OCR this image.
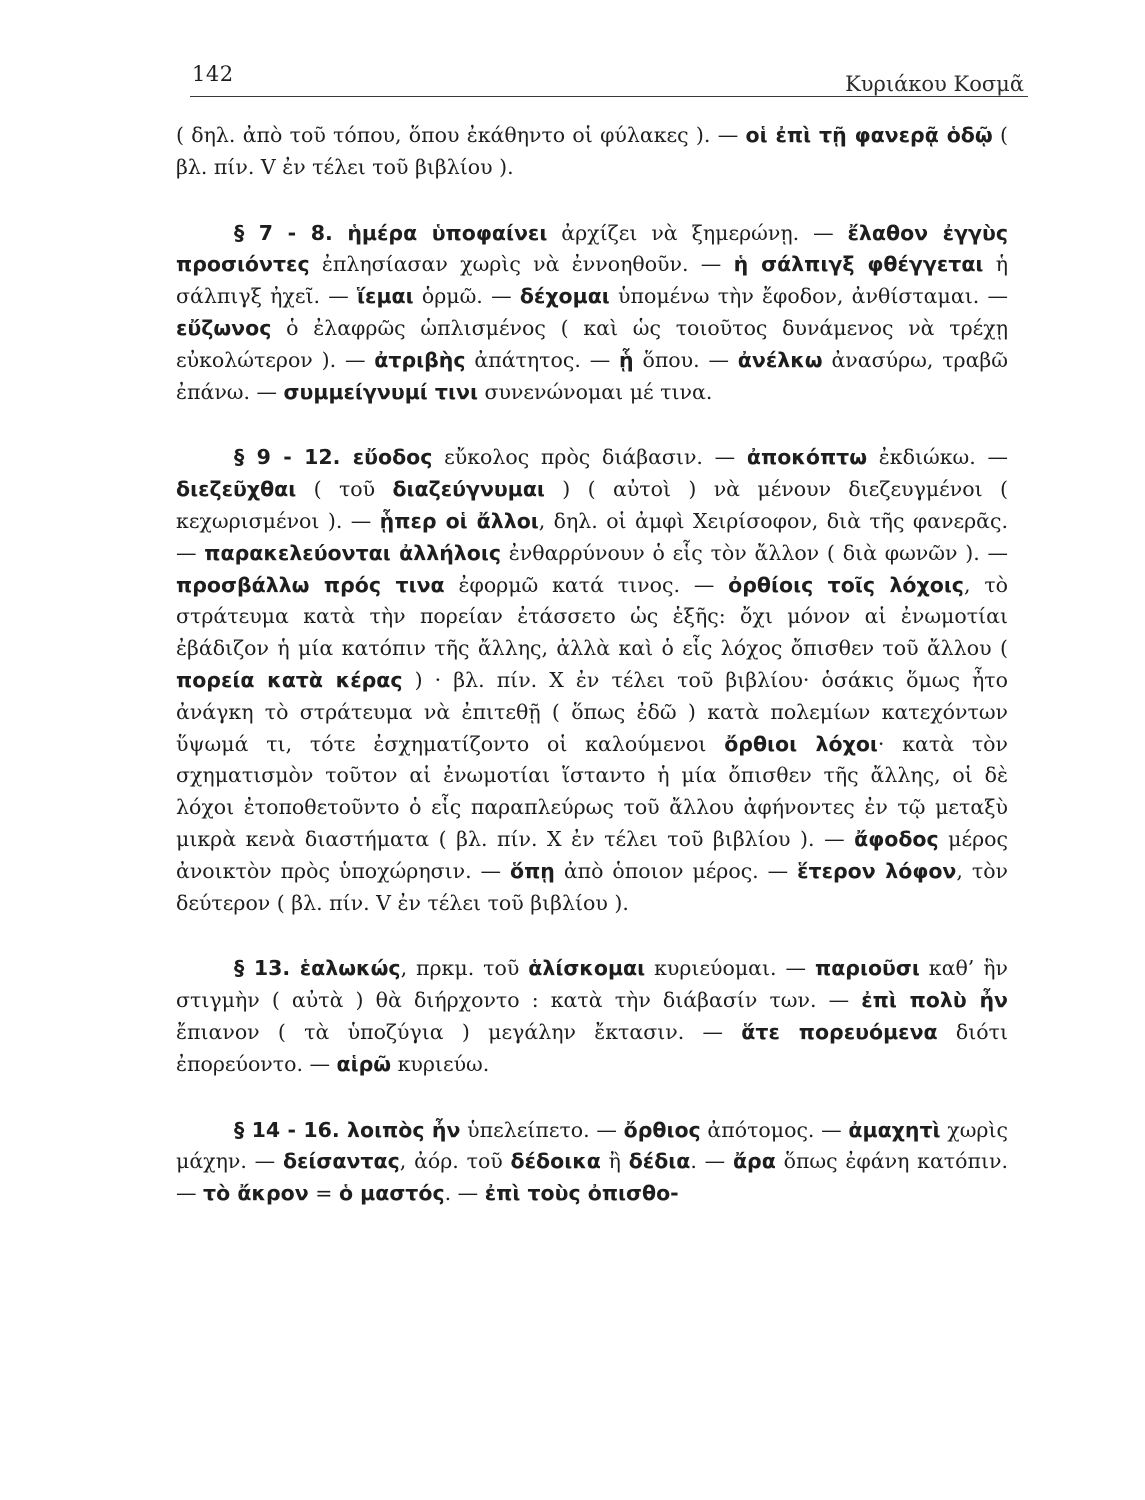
142	Κυριάκου Κοσμᾶ

( δηλ. ἀπὸ τοῦ τόπου, ὅπου ἐκάθηντο οἱ φύλακες ). — οἱ ἐπὶ τῇ φανερᾷ ὁδῷ ( βλ. πίν. V ἐν τέλει τοῦ βιβλίου ).

§ 7 - 8. ἡμέρα ὑποφαίνει ἀρχίζει νὰ ξημερώνῃ. — ἔλαθον ἐγγὺς προσιόντες ἐπλησίασαν χωρὶς νὰ ἐννοηθοῦν. — ἡ σάλπιγξ φθέγγεται ἡ σάλπιγξ ἠχεῖ. — ἵεμαι ὁρμῶ. — δέχομαι ὑπομένω τὴν ἔφοδον, ἀνθίσταμαι. — εὔζωνος ὁ ἐλαφρῶς ὡπλισμένος ( καὶ ὡς τοιοῦτος δυνάμενος νὰ τρέχῃ εὐκολώτερον ). — ἀτριβὴς ἀπάτητος. — ᾗ ὅπου. — ἀνέλκω ἀνασύρω, τραβῶ ἐπάνω. — συμμείγνυμί τινι συνενώνομαι μέ τινα.

§ 9 - 12. εὔοδος εὔκολος πρὸς διάβασιν. — ἀποκόπτω ἐκδιώκω. — διεζεῦχθαι ( τοῦ διαζεύγνυμαι ) ( αὐτοὶ ) νὰ μένουν διεζευγμένοι ( κεχωρισμένοι ). — ᾗπερ οἱ ἄλλοι, δηλ. οἱ ἀμφὶ Χειρίσοφον, διὰ τῆς φανερᾶς. — παρακελεύονται ἀλλήλοις ἐνθαρρύνουν ὁ εἷς τὸν ἄλλον ( διὰ φωνῶν ). — προσβάλλω πρός τινα ἐφορμῶ κατά τινος. — ὀρθίοις τοῖς λόχοις, τὸ στράτευμα κατὰ τὴν πορείαν ἐτάσσετο ὡς ἑξῆς: ὄχι μόνον αἱ ἐνωμοτίαι ἐβάδιζον ἡ μία κατόπιν τῆς ἄλλης, ἀλλὰ καὶ ὁ εἷς λόχος ὄπισθεν τοῦ ἄλλου ( πορεία κατὰ κέρας ) · βλ. πίν. X ἐν τέλει τοῦ βιβλίου· ὁσάκις ὅμως ἦτο ἀνάγκη τὸ στράτευμα νὰ ἐπιτεθῇ ( ὅπως ἐδῶ ) κατὰ πολεμίων κατεχόντων ὕψωμά τι, τότε ἐσχηματίζοντο οἱ καλούμενοι ὄρθιοι λόχοι· κατὰ τὸν σχηματισμὸν τοῦτον αἱ ἐνωμοτίαι ἵσταντο ἡ μία ὄπισθεν τῆς ἄλλης, οἱ δὲ λόχοι ἐτοποθετοῦντο ὁ εἷς παραπλεύρως τοῦ ἄλλου ἀφήνοντες ἐν τῷ μεταξὺ μικρὰ κενὰ διαστήματα ( βλ. πίν. X ἐν τέλει τοῦ βιβλίου ). — ἄφοδος μέρος ἀνοικτὸν πρὸς ὑποχώρησιν. — ὅπῃ ἀπὸ ὁποιον μέρος. — ἕτερον λόφον, τὸν δεύτερον ( βλ. πίν. V ἐν τέλει τοῦ βιβλίου ).

§ 13. ἑαλωκώς, πρκμ. τοῦ ἁλίσκομαι κυριεύομαι. — παριοῦσι καθ’ ἣν στιγμὴν ( αὐτὰ ) θὰ διήρχοντο : κατὰ τὴν διάβασίν των. — ἐπὶ πολὺ ἦν ἔπιανον ( τὰ ὑποζύγια ) μεγάλην ἔκτασιν. — ἅτε πορευόμενα διότι ἐπορεύοντο. — αἱρῶ κυριεύω.

§ 14 - 16. λοιπὸς ἦν ὑπελείπετο. — ὄρθιος ἀπότομος. — ἀμαχητὶ χωρὶς μάχην. — δείσαντας, ἀόρ. τοῦ δέδοικα ἢ δέδια. — ἄρα ὅπως ἐφάνη κατόπιν. — τὸ ἄκρον = ὁ μαστός. — ἐπὶ τοὺς ὀπισθο-
